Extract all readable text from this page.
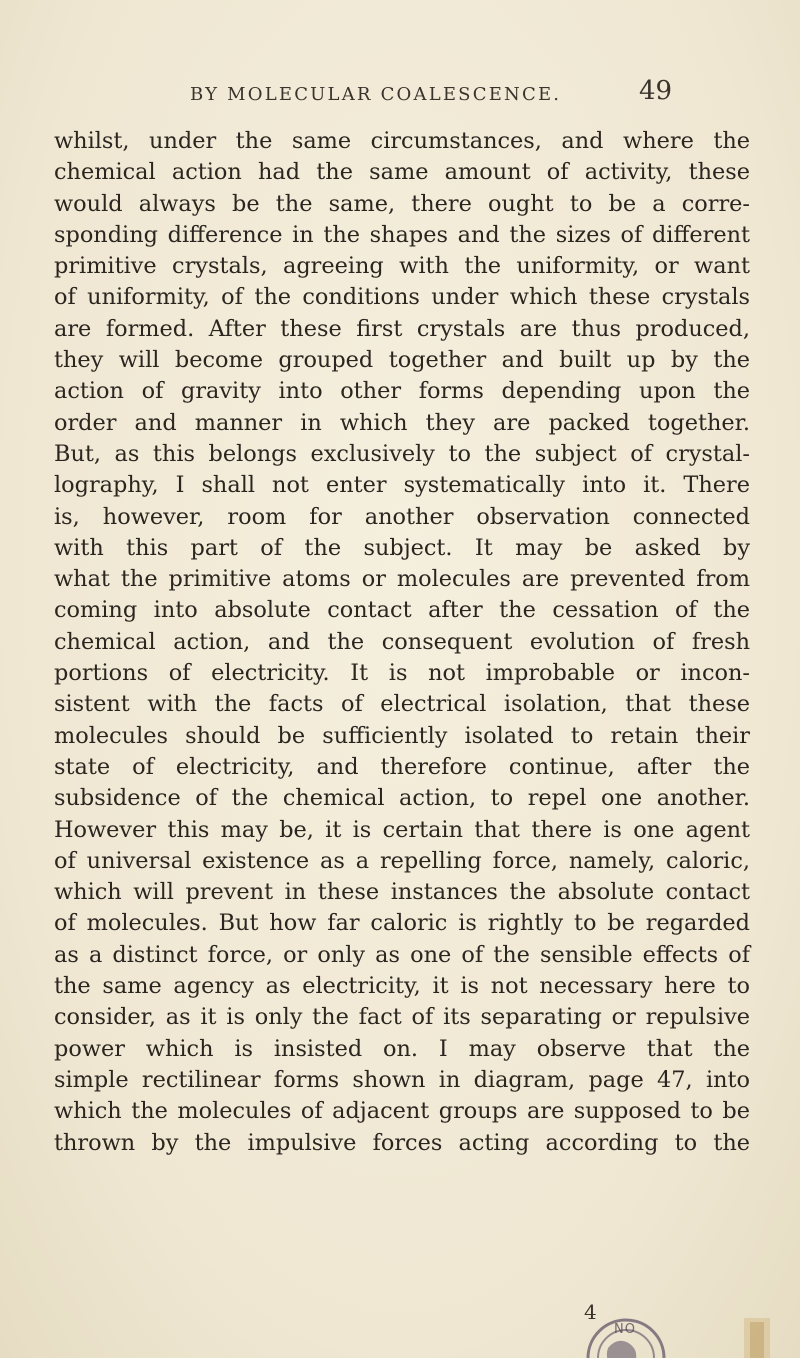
BY MOLECULAR COALESCENCE.	49
whilst, under the same circumstances, and where the
chemical action had the same amount of activity, these
would always be the same, there ought to be a corre-
sponding difference in the shapes and the sizes of different
primitive crystals, agreeing with the uniformity, or want
of uniformity, of the conditions under which these crystals
are formed. After these first crystals are thus produced,
they will become grouped together and built up by the
action of gravity into other forms depending upon the
order and manner in which they are packed together.
But, as this belongs exclusively to the subject of crystal-
lography, I shall not enter systematically into it. There
is, however, room for another observation connected
with this part of the subject. It may be asked by
what the primitive atoms or molecules are prevented from
coming into absolute contact after the cessation of the
chemical action, and the consequent evolution of fresh
portions of electricity. It is not improbable or incon-
sistent with the facts of electrical isolation, that these
molecules should be sufficiently isolated to retain their
state of electricity, and therefore continue, after the
subsidence of the chemical action, to repel one another.
However this may be, it is certain that there is one agent
of universal existence as a repelling force, namely, caloric,
which will prevent in these instances the absolute contact
of molecules. But how far caloric is rightly to be regarded
as a distinct force, or only as one of the sensible effects of
the same agency as electricity, it is not necessary here to
consider, as it is only the fact of its separating or repulsive
power which is insisted on. I may observe that the
simple rectilinear forms shown in diagram, page 47, into
which the molecules of adjacent groups are supposed to be
thrown by the impulsive forces acting according to the
4
NO
